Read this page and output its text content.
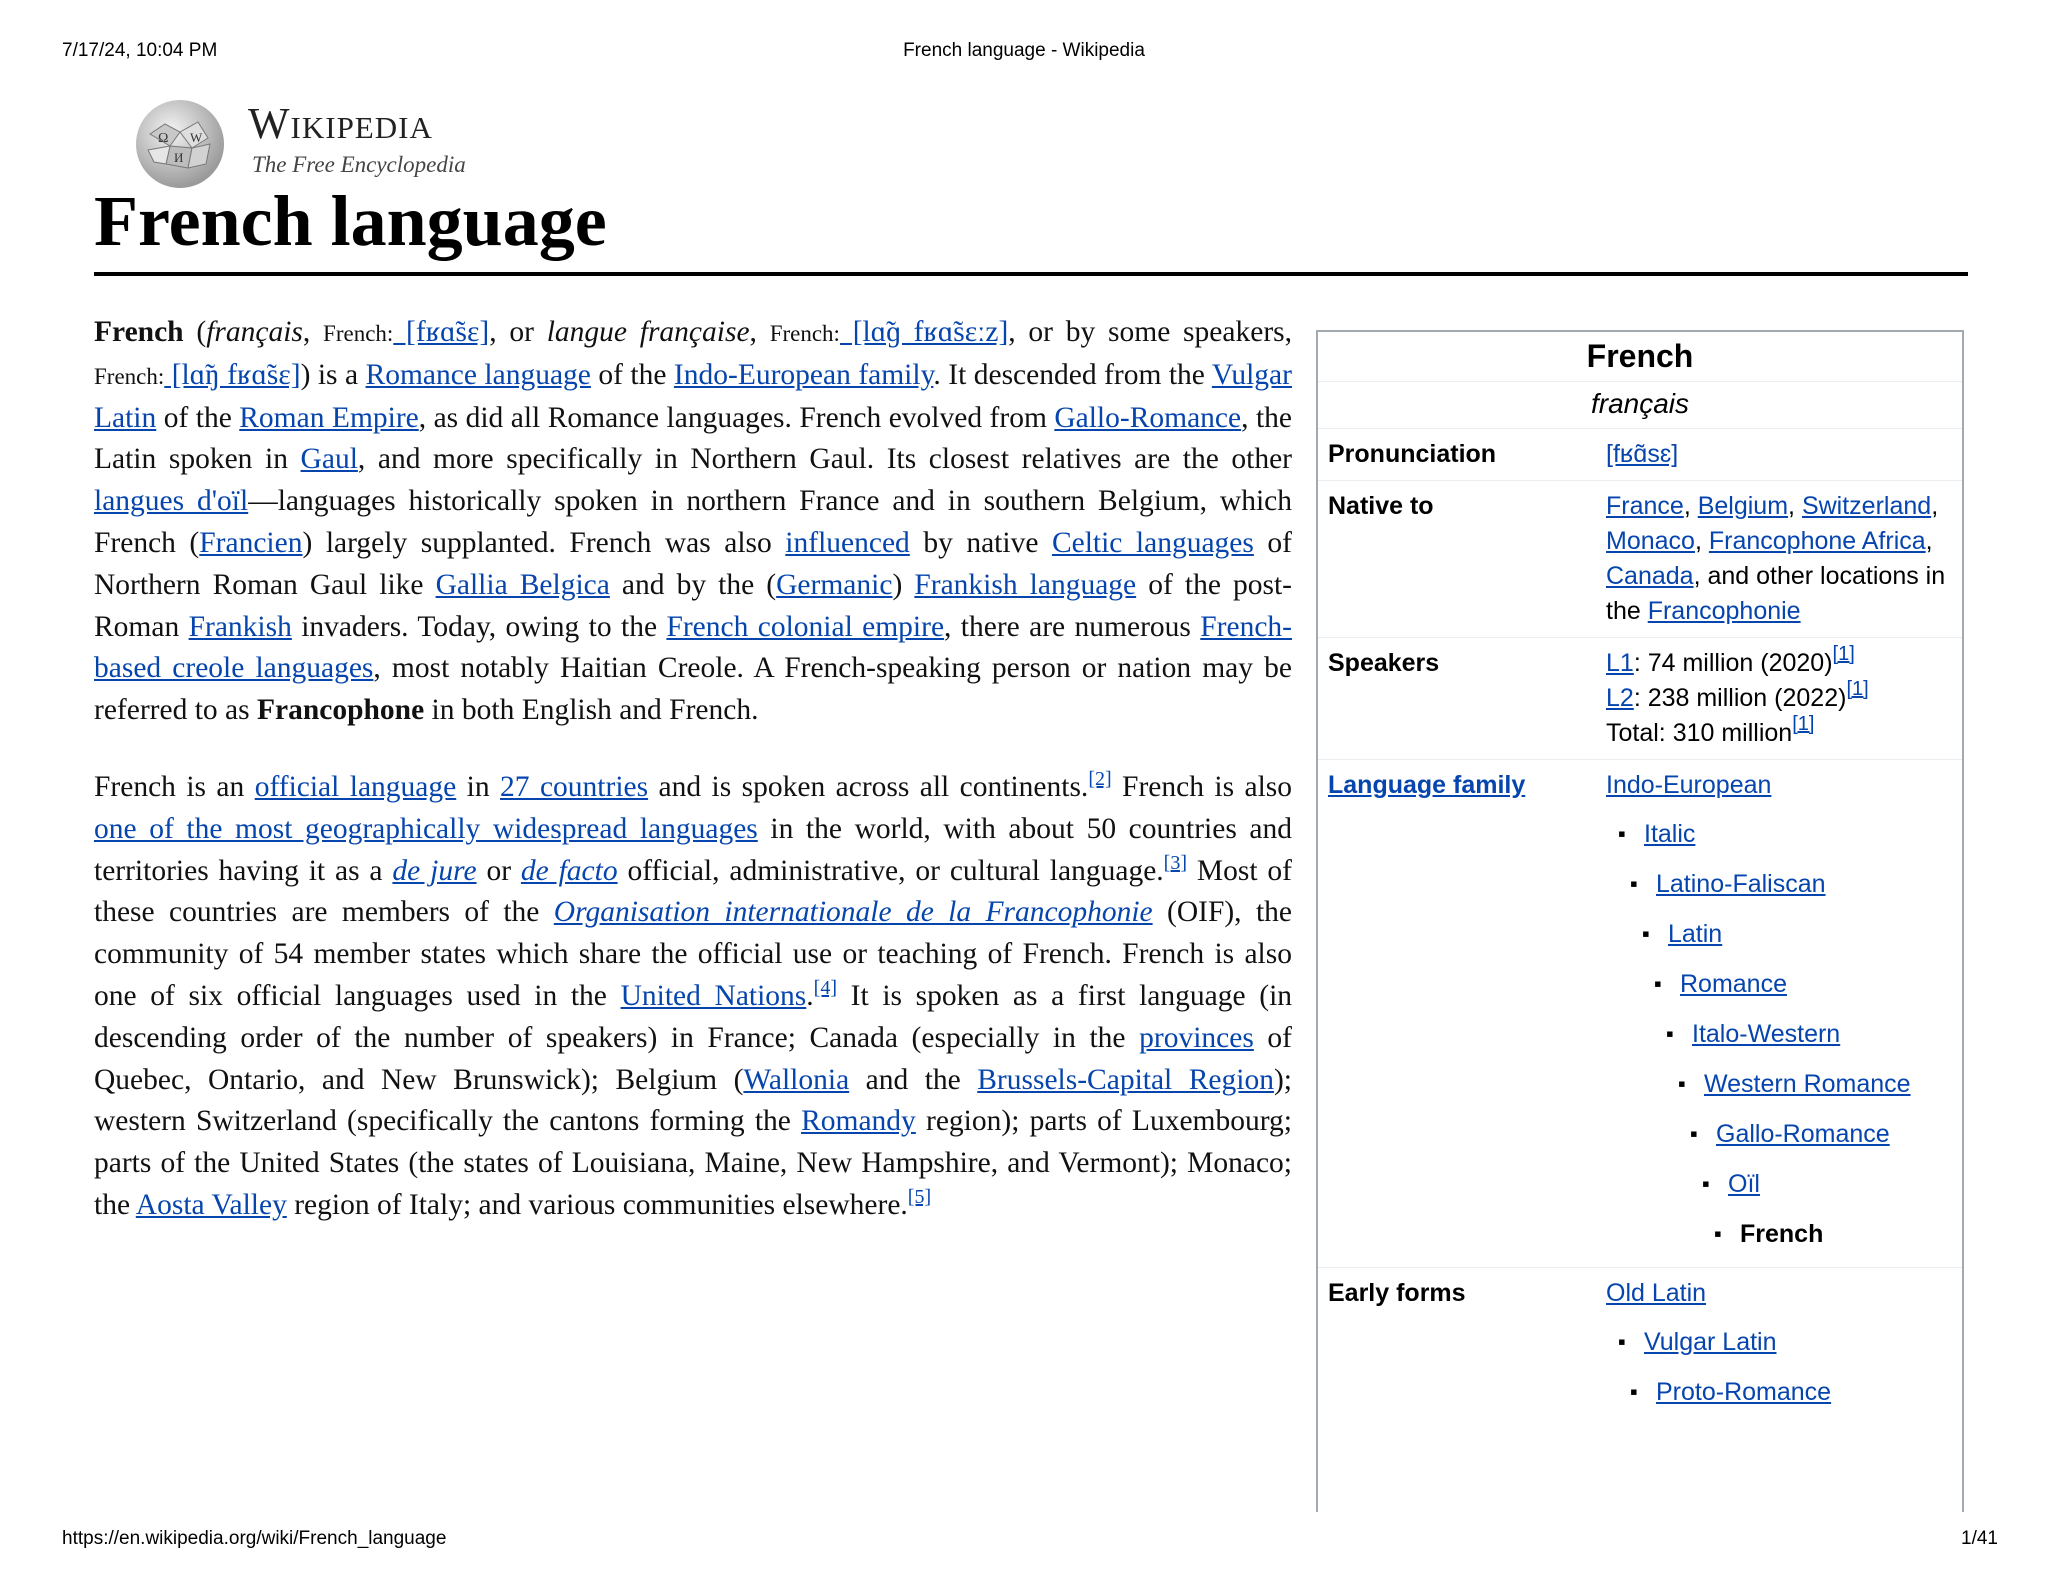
7/17/24, 10:04 PM	French language - Wikipedia
Ω W
И
Wikipedia
The Free Encyclopedia
French language

French (français, French: [fʁɑ̃sɛ], or langue française, French: [lɑ̃ɡ fʁɑ̃sɛːz], or by some speakers, French: [lɑ̃ŋ fʁɑ̃sɛ]) is a Romance language of the Indo-European family. It descended from the Vulgar Latin of the Roman Empire, as did all Romance languages. French evolved from Gallo-Romance, the Latin spoken in Gaul, and more specifically in Northern Gaul. Its closest relatives are the other langues d'oïl—languages historically spoken in northern France and in southern Belgium, which French (Francien) largely supplanted. French was also influenced by native Celtic languages of Northern Roman Gaul like Gallia Belgica and by the (Germanic) Frankish language of the post-Roman Frankish invaders. Today, owing to the French colonial empire, there are numerous French-based creole languages, most notably Haitian Creole. A French-speaking person or nation may be referred to as Francophone in both English and French.

French is an official language in 27 countries and is spoken across all continents.[2] French is also one of the most geographically widespread languages in the world, with about 50 countries and territories having it as a de jure or de facto official, administrative, or cultural language.[3] Most of these countries are members of the Organisation internationale de la Francophonie (OIF), the community of 54 member states which share the official use or teaching of French. French is also one of six official languages used in the United Nations.[4] It is spoken as a first language (in descending order of the number of speakers) in France; Canada (especially in the provinces of Quebec, Ontario, and New Brunswick); Belgium (Wallonia and the Brussels-Capital Region); western Switzerland (specifically the cantons forming the Romandy region); parts of Luxembourg; parts of the United States (the states of Louisiana, Maine, New Hampshire, and Vermont); Monaco; the Aosta Valley region of Italy; and various communities elsewhere.[5]

French
français
Pronunciation	[fʁɑ̃sɛ]
Native to	France, Belgium, Switzerland, Monaco, Francophone Africa, Canada, and other locations in the Francophonie
Speakers	L1: 74 million (2020)[1]
L2: 238 million (2022)[1]
Total: 310 million[1]
Language family	Indo-European
▪ Italic
▪ Latino-Faliscan
▪ Latin
▪ Romance
▪ Italo-Western
▪ Western Romance
▪ Gallo-Romance
▪ Oïl
▪ French
Early forms	Old Latin
▪ Vulgar Latin
▪ Proto-Romance
https://en.wikipedia.org/wiki/French_language	1/41
